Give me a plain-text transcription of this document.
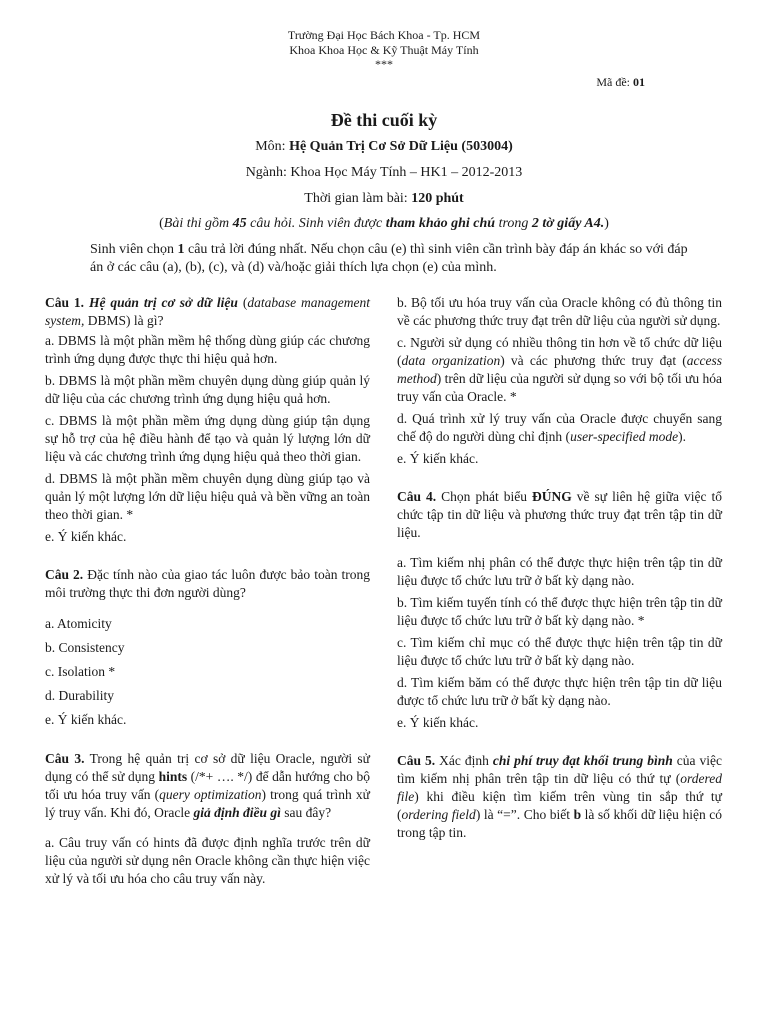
Trường Đại Học Bách Khoa - Tp. HCM
Khoa Khoa Học & Kỹ Thuật Máy Tính
***
Mã đề: 01
Đề thi cuối kỳ
Môn: Hệ Quản Trị Cơ Sở Dữ Liệu (503004)
Ngành: Khoa Học Máy Tính – HK1 – 2012-2013
Thời gian làm bài: 120 phút
(Bài thi gồm 45 câu hỏi. Sinh viên được tham khảo ghi chú trong 2 tờ giấy A4.)
Sinh viên chọn 1 câu trả lời đúng nhất. Nếu chọn câu (e) thì sinh viên cần trình bày đáp án khác so với đáp án ở các câu (a), (b), (c), và (d) và/hoặc giải thích lựa chọn (e) của mình.
Câu 1. Hệ quản trị cơ sở dữ liệu (database management system, DBMS) là gì?
a. DBMS là một phần mềm hệ thống dùng giúp các chương trình ứng dụng được thực thi hiệu quả hơn.
b. DBMS là một phần mềm chuyên dụng dùng giúp quản lý dữ liệu của các chương trình ứng dụng hiệu quả hơn.
c. DBMS là một phần mềm ứng dụng dùng giúp tận dụng sự hỗ trợ của hệ điều hành để tạo và quản lý lượng lớn dữ liệu và các chương trình ứng dụng hiệu quả theo thời gian.
d. DBMS là một phần mềm chuyên dụng dùng giúp tạo và quản lý một lượng lớn dữ liệu hiệu quả và bền vững an toàn theo thời gian. *
e. Ý kiến khác.
Câu 2. Đặc tính nào của giao tác luôn được bảo toàn trong môi trường thực thi đơn người dùng?
a. Atomicity
b. Consistency
c. Isolation *
d. Durability
e. Ý kiến khác.
Câu 3. Trong hệ quản trị cơ sở dữ liệu Oracle, người sử dụng có thể sử dụng hints (/*+ …. */) để dẫn hướng cho bộ tối ưu hóa truy vấn (query optimization) trong quá trình xử lý truy vấn. Khi đó, Oracle giả định điều gì sau đây?
a. Câu truy vấn có hints đã được định nghĩa trước trên dữ liệu của người sử dụng nên Oracle không cần thực hiện việc xử lý và tối ưu hóa cho câu truy vấn này.
b. Bộ tối ưu hóa truy vấn của Oracle không có đủ thông tin về các phương thức truy đạt trên dữ liệu của người sử dụng.
c. Người sử dụng có nhiều thông tin hơn về tổ chức dữ liệu (data organization) và các phương thức truy đạt (access method) trên dữ liệu của người sử dụng so với bộ tối ưu hóa truy vấn của Oracle. *
d. Quá trình xử lý truy vấn của Oracle được chuyển sang chế độ do người dùng chỉ định (user-specified mode).
e. Ý kiến khác.
Câu 4. Chọn phát biểu ĐÚNG về sự liên hệ giữa việc tổ chức tập tin dữ liệu và phương thức truy đạt trên tập tin dữ liệu.
a. Tìm kiếm nhị phân có thể được thực hiện trên tập tin dữ liệu được tổ chức lưu trữ ở bất kỳ dạng nào.
b. Tìm kiếm tuyến tính có thể được thực hiện trên tập tin dữ liệu được tổ chức lưu trữ ở bất kỳ dạng nào. *
c. Tìm kiếm chỉ mục có thể được thực hiện trên tập tin dữ liệu được tổ chức lưu trữ ở bất kỳ dạng nào.
d. Tìm kiếm băm có thể được thực hiện trên tập tin dữ liệu được tổ chức lưu trữ ở bất kỳ dạng nào.
e. Ý kiến khác.
Câu 5. Xác định chi phí truy đạt khối trung bình của việc tìm kiếm nhị phân trên tập tin dữ liệu có thứ tự (ordered file) khi điều kiện tìm kiếm trên vùng tin sắp thứ tự (ordering field) là “=”. Cho biết b là số khối dữ liệu hiện có trong tập tin.
